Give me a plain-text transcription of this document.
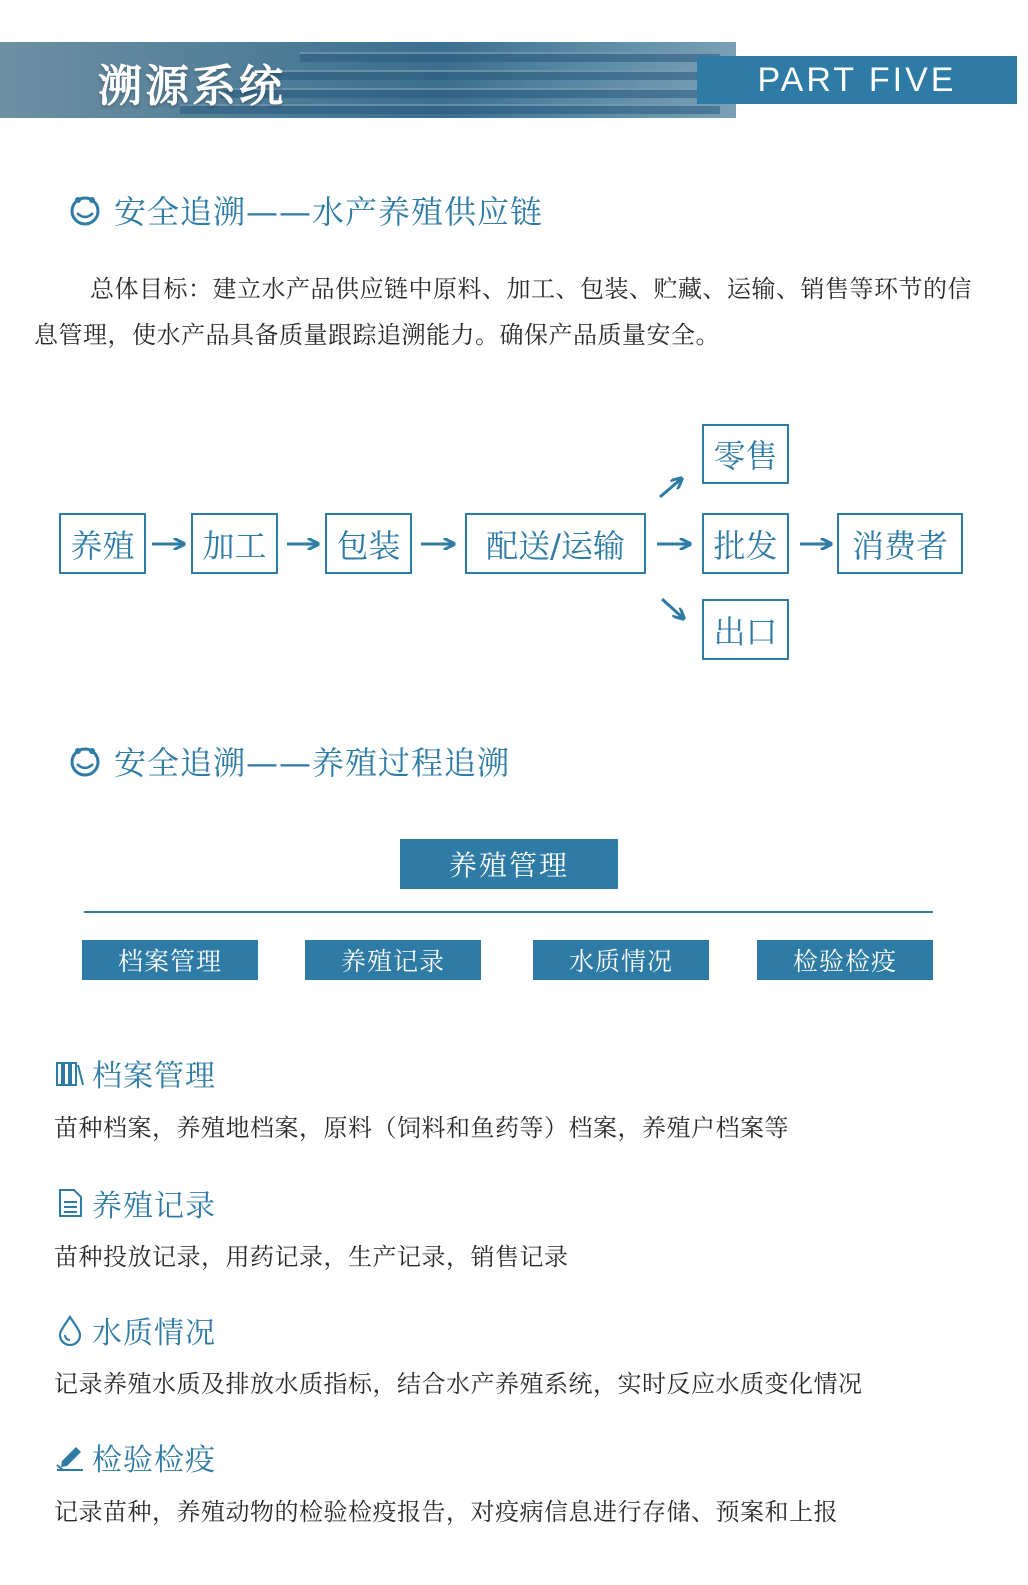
溯源系统	PART FIVE
安全追溯——水产养殖供应链
总体目标：建立水产品供应链中原料、加工、包装、贮藏、运输、销售等环节的信息管理，使水产品具备质量跟踪追溯能力。确保产品质量安全。
养殖	加工	包装	配送/运输
零售
批发
出口
消费者
安全追溯——养殖过程追溯
养殖管理
档案管理	养殖记录	水质情况	检验检疫
档案管理
苗种档案，养殖地档案，原料（饲料和鱼药等）档案，养殖户档案等
养殖记录
苗种投放记录，用药记录，生产记录，销售记录
水质情况
记录养殖水质及排放水质指标，结合水产养殖系统，实时反应水质变化情况
检验检疫
记录苗种，养殖动物的检验检疫报告，对疫病信息进行存储、预案和上报
